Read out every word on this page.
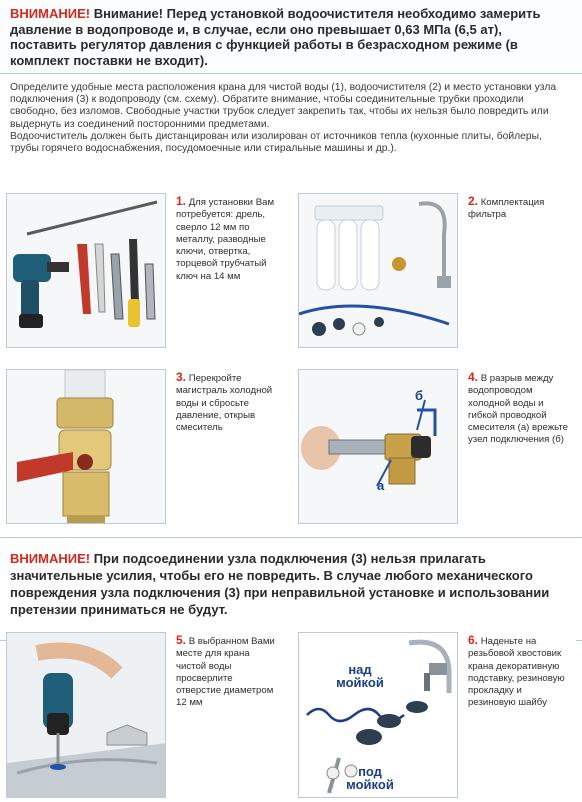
ВНИМАНИЕ! Внимание! Перед установкой водоочистителя необходимо замерить давление в водопроводе и, в случае, если оно превышает 0,63 МПа (6,5 ат), поставить регулятор давления с функцией работы в безрасходном режиме (в комплект поставки не входит).

Определите удобные места расположения крана для чистой воды (1), водоочистителя (2) и место установки узла подключения (3) к водопроводу (см. схему). Обратите внимание, чтобы соединительные трубки проходили свободно, без изломов. Свободные участки трубок следует закрепить так, чтобы их нельзя было повредить или выдернуть из соединений посторонними предметами.
Водоочиститель должен быть дистанцирован или изолирован от источников тепла (кухонные плиты, бойлеры, трубы горячего водоснабжения, посудомоечные или стиральные машины и др.).

1. Для установки Вам потребуется: дрель, сверло 12 мм по металлу, разводные ключи, отвертка, торцевой трубчатый ключ на 14 мм

2. Комплектация фильтра

3. Перекройте магистраль холодной воды и сбросьте давление, открыв смеситель

а
б

4. В разрыв между водопроводом холодной воды и гибкой проводкой смесителя (а) врежьте узел подключения (б)

ВНИМАНИЕ! При подсоединении узла подключения (3) нельзя прилагать значительные усилия, чтобы его не повредить. В случае любого механического повреждения узла подключения (3) при неправильной установке и использовании претензии приниматься не будут.

5. В выбранном Вами месте для крана чистой воды просверлите отверстие диаметром 12 мм

над мойкой
под мойкой

6. Наденьте на резьбовой хвостовик крана декоративную подставку, резиновую прокладку и резиновую шайбу
